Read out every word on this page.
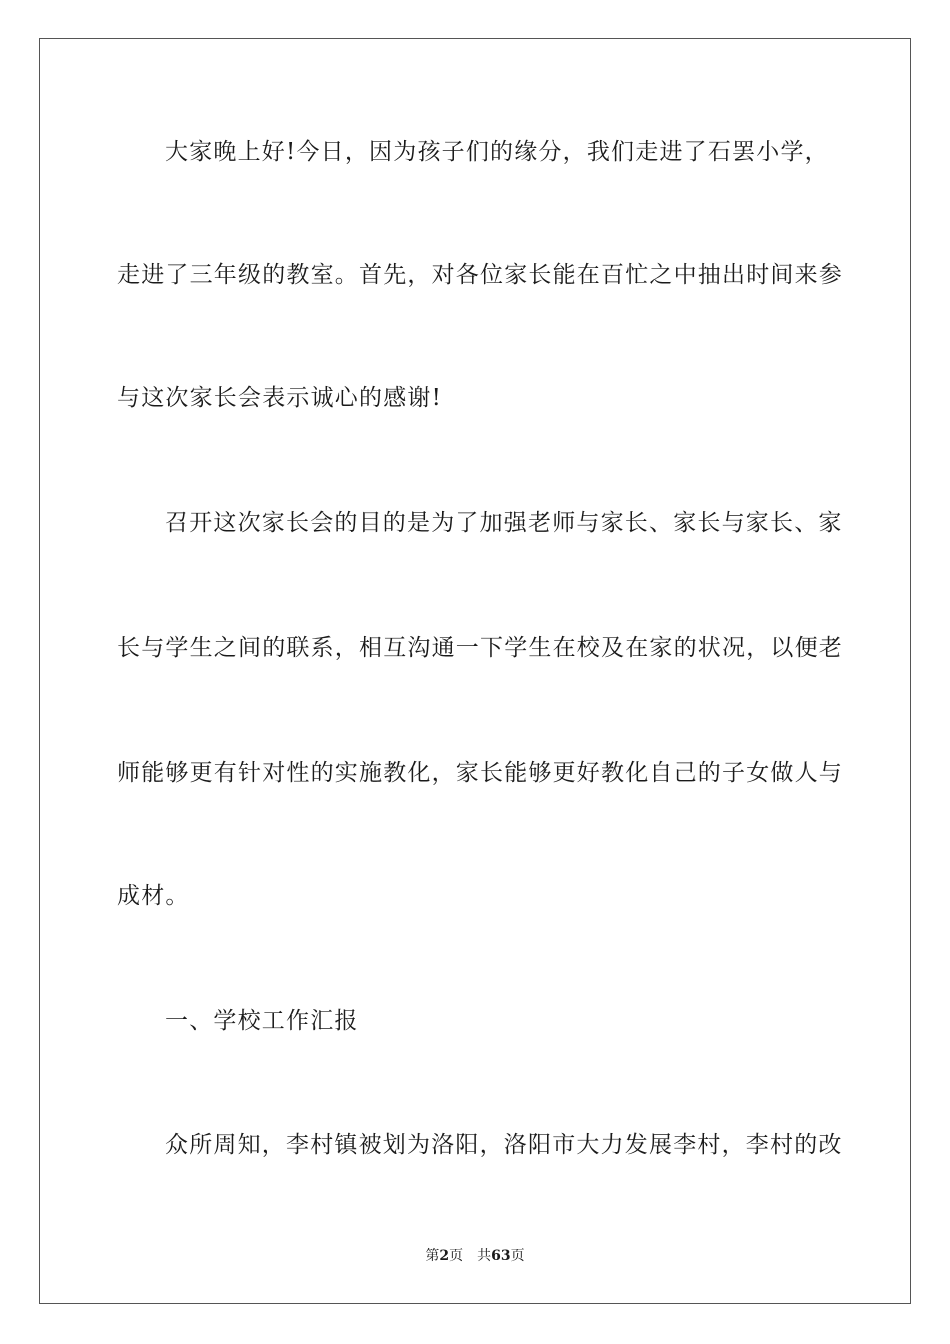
大家晚上好!今日，因为孩子们的缘分，我们走进了石罢小学，
走进了三年级的教室。首先，对各位家长能在百忙之中抽出时间来参
与这次家长会表示诚心的感谢!
召开这次家长会的目的是为了加强老师与家长、家长与家长、家
长与学生之间的联系，相互沟通一下学生在校及在家的状况，以便老
师能够更有针对性的实施教化，家长能够更好教化自己的子女做人与
成材。
一、学校工作汇报
众所周知，李村镇被划为洛阳，洛阳市大力发展李村，李村的改
第2页 共63页
